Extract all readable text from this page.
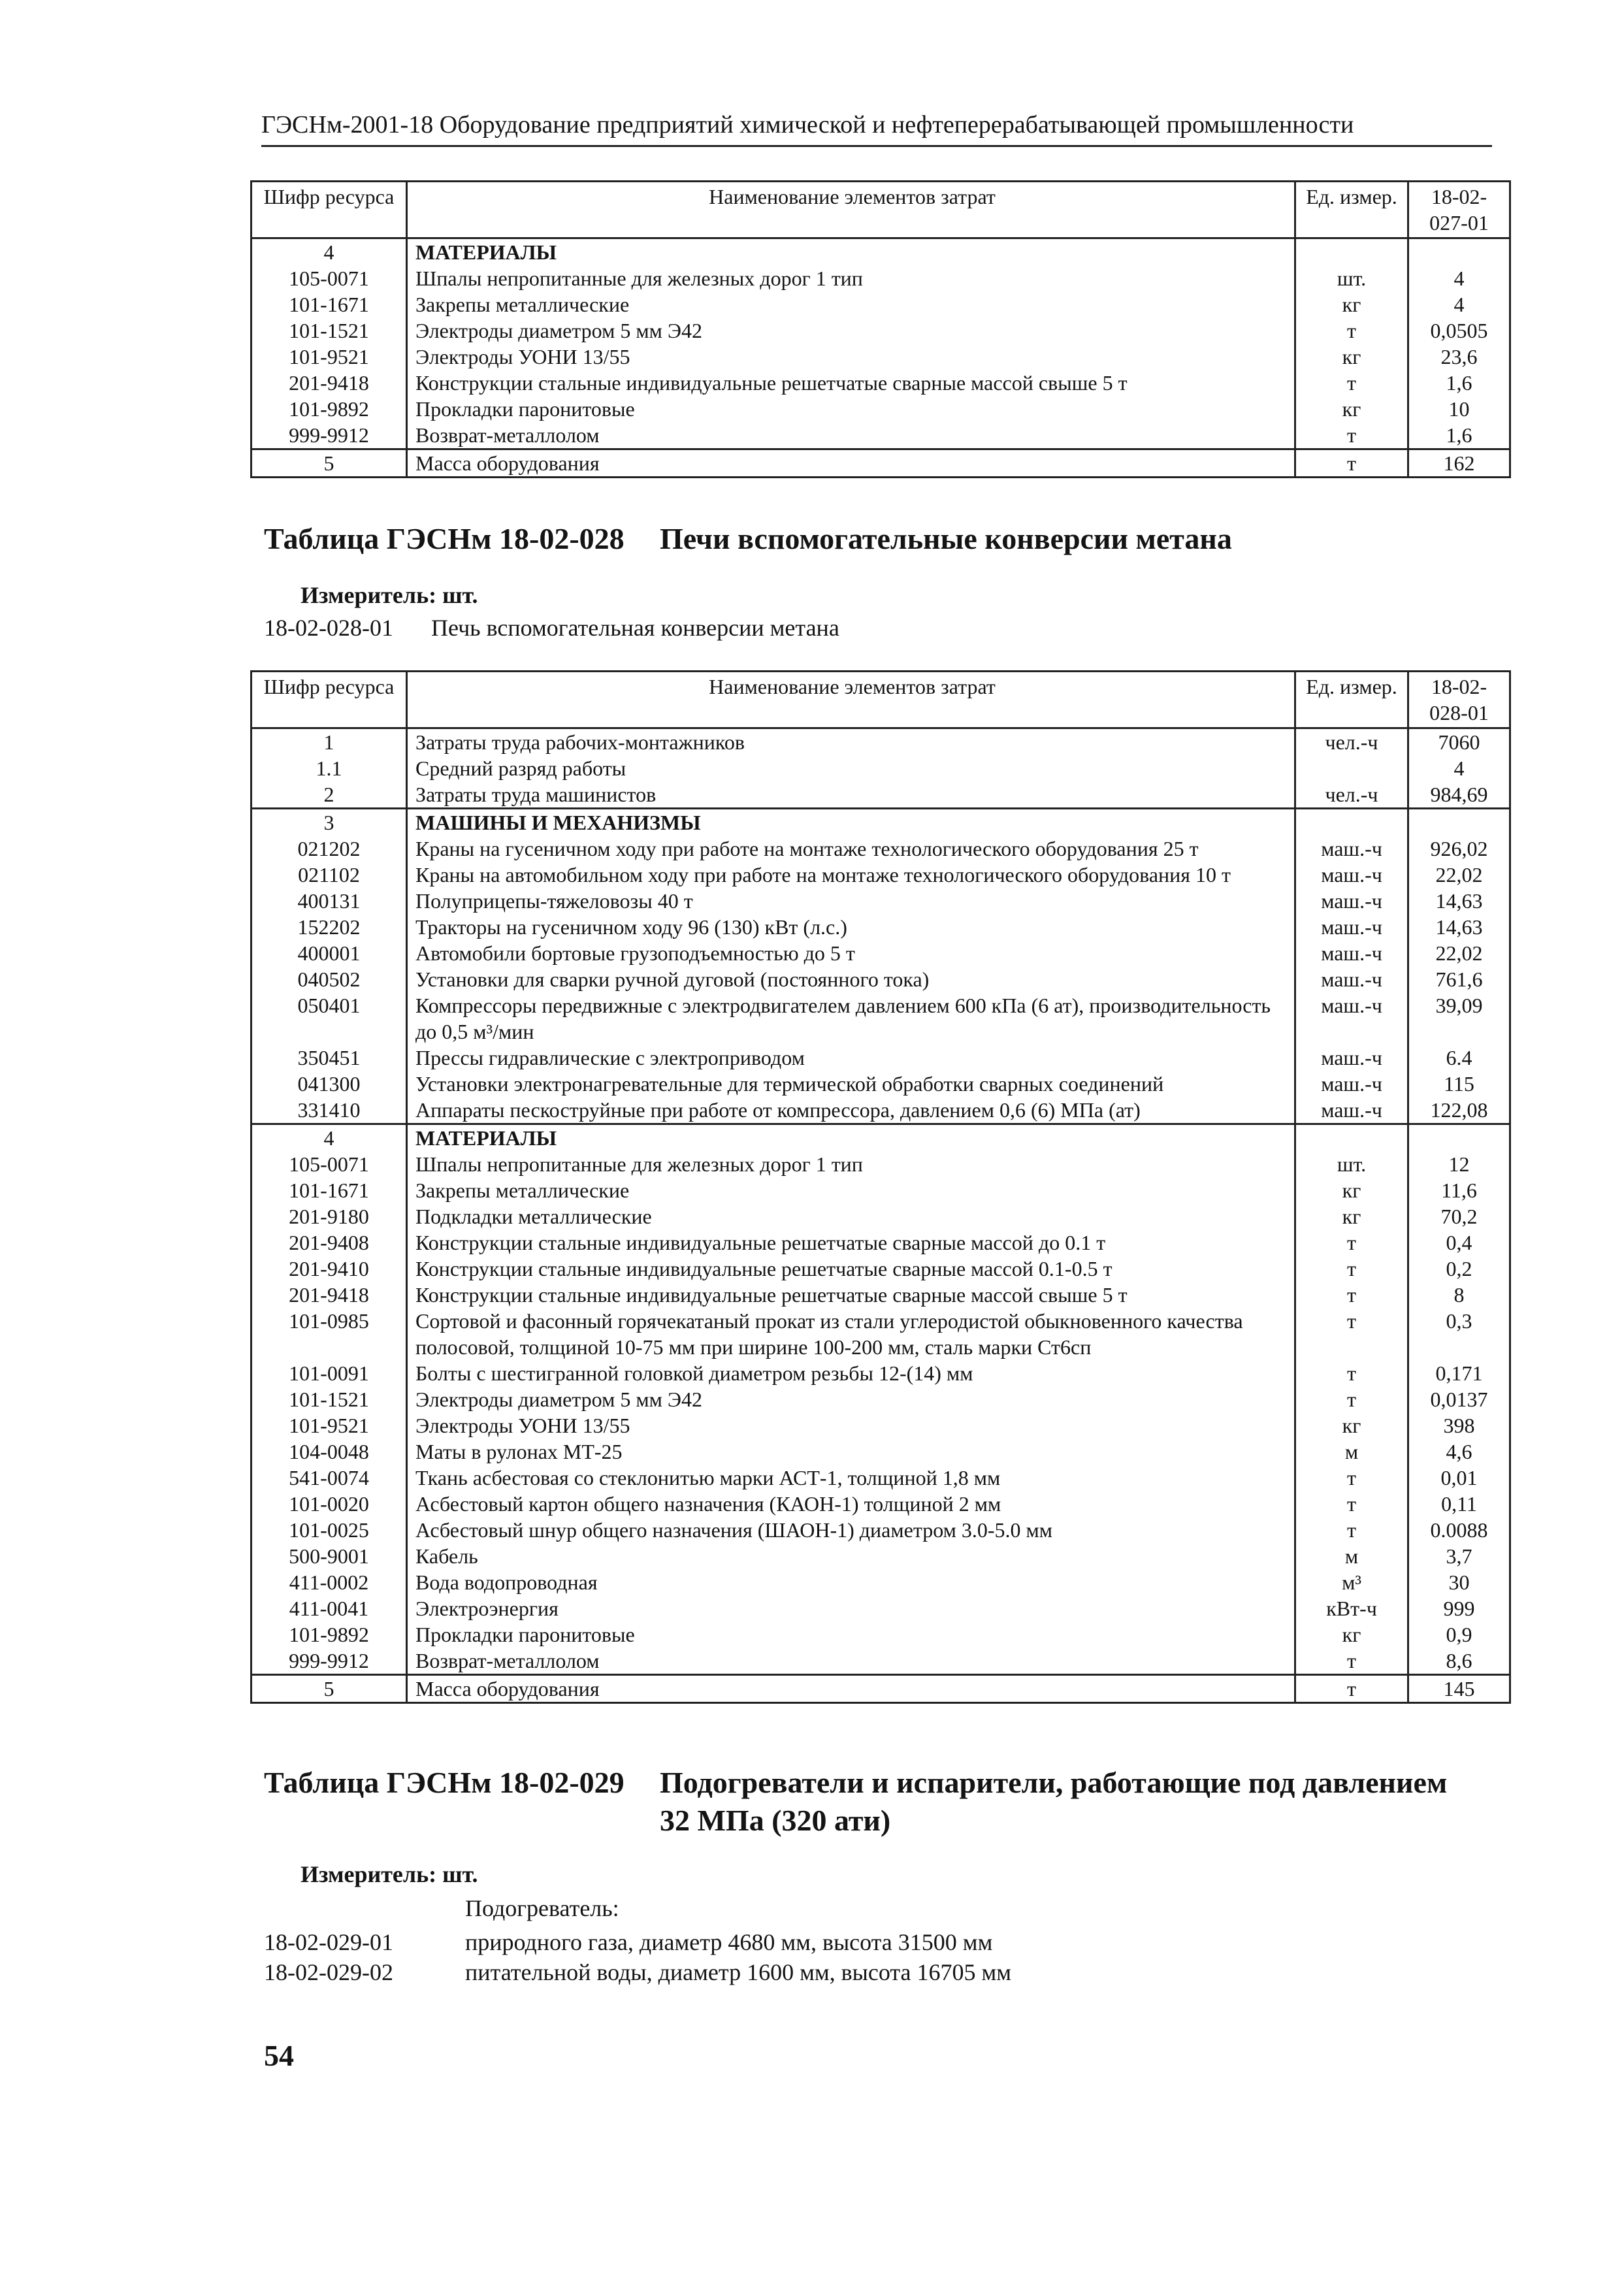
ГЭСНм-2001-18 Оборудование предприятий химической и нефтеперерабатывающей промышленности
Шифр ресурса	Наименование элементов затрат	Ед. измер.	18-02-027-01
4	МАТЕРИАЛЫ		
105-0071	Шпалы непропитанные для железных дорог 1 тип	шт.	4
101-1671	Закрепы металлические	кг	4
101-1521	Электроды диаметром 5 мм Э42	т	0,0505
101-9521	Электроды УОНИ 13/55	кг	23,6
201-9418	Конструкции стальные индивидуальные решетчатые сварные массой свыше 5 т	т	1,6
101-9892	Прокладки паронитовые	кг	10
999-9912	Возврат-металлолом	т	1,6
5	Масса оборудования	т	162
Таблица ГЭСНм 18-02-028 Печи вспомогательные конверсии метана
Измеритель: шт.
18-02-028-01 Печь вспомогательная конверсии метана
Шифр ресурса	Наименование элементов затрат	Ед. измер.	18-02-028-01
1	Затраты труда рабочих-монтажников	чел.-ч	7060
1.1	Средний разряд работы		4
2	Затраты труда машинистов	чел.-ч	984,69
3	МАШИНЫ И МЕХАНИЗМЫ		
021202	Краны на гусеничном ходу при работе на монтаже технологического оборудования 25 т	маш.-ч	926,02
021102	Краны на автомобильном ходу при работе на монтаже технологического оборудования 10 т	маш.-ч	22,02
400131	Полуприцепы-тяжеловозы 40 т	маш.-ч	14,63
152202	Тракторы на гусеничном ходу 96 (130) кВт (л.с.)	маш.-ч	14,63
400001	Автомобили бортовые грузоподъемностью до 5 т	маш.-ч	22,02
040502	Установки для сварки ручной дуговой (постоянного тока)	маш.-ч	761,6
050401	Компрессоры передвижные с электродвигателем давлением 600 кПа (6 ат), производительность до 0,5 м³/мин	маш.-ч	39,09
350451	Прессы гидравлические с электроприводом	маш.-ч	6.4
041300	Установки электронагревательные для термической обработки сварных соединений	маш.-ч	115
331410	Аппараты пескоструйные при работе от компрессора, давлением 0,6 (6) МПа (ат)	маш.-ч	122,08
4	МАТЕРИАЛЫ		
105-0071	Шпалы непропитанные для железных дорог 1 тип	шт.	12
101-1671	Закрепы металлические	кг	11,6
201-9180	Подкладки металлические	кг	70,2
201-9408	Конструкции стальные индивидуальные решетчатые сварные массой до 0.1 т	т	0,4
201-9410	Конструкции стальные индивидуальные решетчатые сварные массой 0.1-0.5 т	т	0,2
201-9418	Конструкции стальные индивидуальные решетчатые сварные массой свыше 5 т	т	8
101-0985	Сортовой и фасонный горячекатаный прокат из стали углеродистой обыкновенного качества полосовой, толщиной 10-75 мм при ширине 100-200 мм, сталь марки Ст6сп	т	0,3
101-0091	Болты с шестигранной головкой диаметром резьбы 12-(14) мм	т	0,171
101-1521	Электроды диаметром 5 мм Э42	т	0,0137
101-9521	Электроды УОНИ 13/55	кг	398
104-0048	Маты в рулонах МТ-25	м	4,6
541-0074	Ткань асбестовая со стеклонитью марки АСТ-1, толщиной 1,8 мм	т	0,01
101-0020	Асбестовый картон общего назначения (КАОН-1) толщиной 2 мм	т	0,11
101-0025	Асбестовый шнур общего назначения (ШАОН-1) диаметром 3.0-5.0 мм	т	0.0088
500-9001	Кабель	м	3,7
411-0002	Вода водопроводная	м³	30
411-0041	Электроэнергия	кВт-ч	999
101-9892	Прокладки паронитовые	кг	0,9
999-9912	Возврат-металлолом	т	8,6
5	Масса оборудования	т	145
Таблица ГЭСНм 18-02-029 Подогреватели и испарители, работающие под давлением
32 МПа (320 ати)
Измеритель: шт.
Подогреватель:
18-02-029-01	природного газа, диаметр 4680 мм, высота 31500 мм
18-02-029-02	питательной воды, диаметр 1600 мм, высота 16705 мм
54
